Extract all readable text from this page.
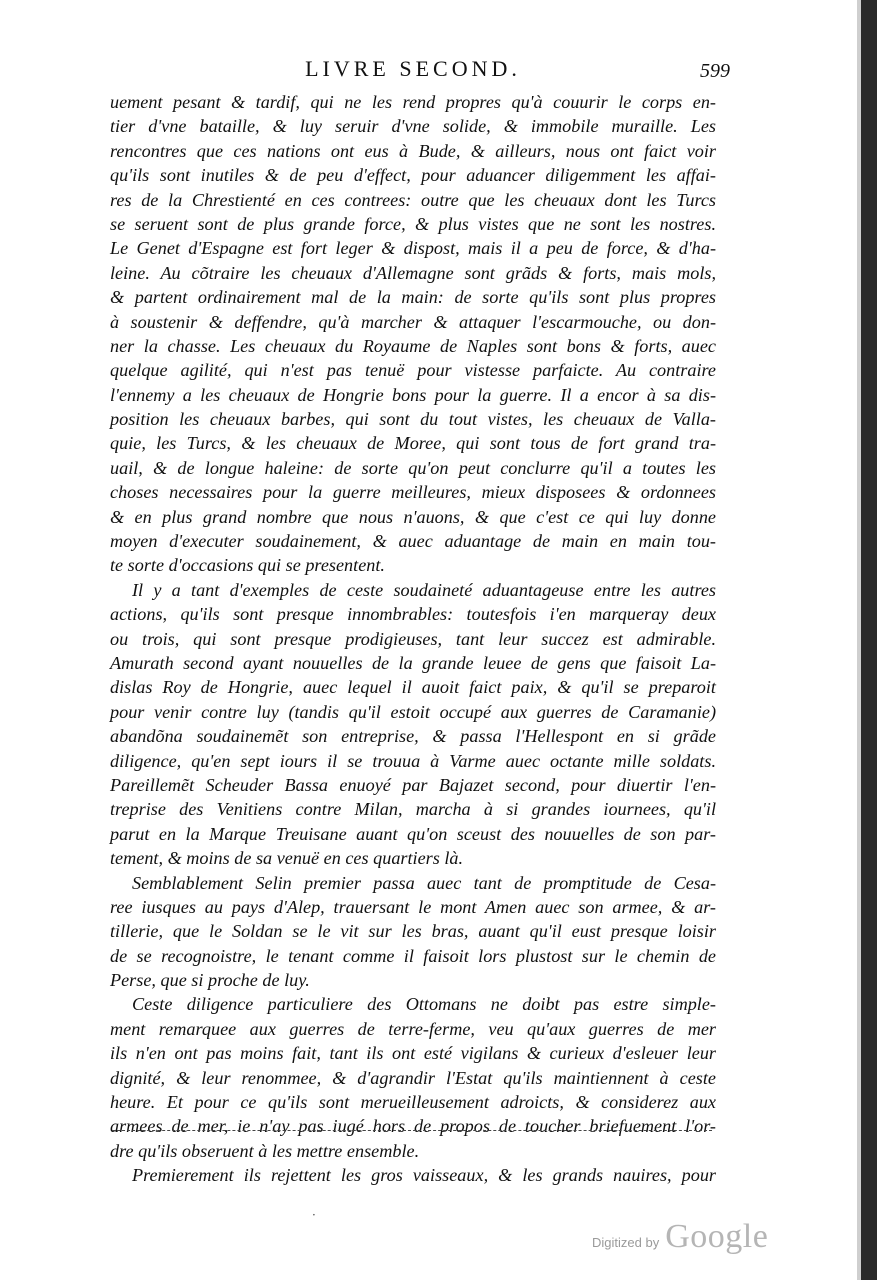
LIVRE SECOND.	599
uement pesant & tardif, qui ne les rend propres qu'à couurir le corps en-
tier d'vne bataille, & luy seruir d'vne solide, & immobile muraille. Les
rencontres que ces nations ont eus à Bude, & ailleurs, nous ont faict voir
qu'ils sont inutiles & de peu d'effect, pour aduancer diligemment les affai-
res de la Chrestienté en ces contrees: outre que les cheuaux dont les Turcs
se seruent sont de plus grande force, & plus vistes que ne sont les nostres.
Le Genet d'Espagne est fort leger & dispost, mais il a peu de force, & d'ha-
leine. Au cõtraire les cheuaux d'Allemagne sont grãds & forts, mais mols,
& partent ordinairement mal de la main: de sorte qu'ils sont plus propres
à soustenir & deffendre, qu'à marcher & attaquer l'escarmouche, ou don-
ner la chasse. Les cheuaux du Royaume de Naples sont bons & forts, auec
quelque agilité, qui n'est pas tenuë pour vistesse parfaicte. Au contraire
l'ennemy a les cheuaux de Hongrie bons pour la guerre. Il a encor à sa dis-
position les cheuaux barbes, qui sont du tout vistes, les cheuaux de Valla-
quie, les Turcs, & les cheuaux de Moree, qui sont tous de fort grand tra-
uail, & de longue haleine: de sorte qu'on peut conclurre qu'il a toutes les
choses necessaires pour la guerre meilleures, mieux disposees & ordonnees
& en plus grand nombre que nous n'auons, & que c'est ce qui luy donne
moyen d'executer soudainement, & auec aduantage de main en main tou-
te sorte d'occasions qui se presentent.
Il y a tant d'exemples de ceste soudaineté aduantageuse entre les autres
actions, qu'ils sont presque innombrables: toutesfois i'en marqueray deux
ou trois, qui sont presque prodigieuses, tant leur succez est admirable.
Amurath second ayant nouuelles de la grande leuee de gens que faisoit La-
dislas Roy de Hongrie, auec lequel il auoit faict paix, & qu'il se preparoit
pour venir contre luy (tandis qu'il estoit occupé aux guerres de Caramanie)
abandõna soudainemẽt son entreprise, & passa l'Hellespont en si grãde
diligence, qu'en sept iours il se trouua à Varme auec octante mille soldats.
Pareillemẽt Scheuder Bassa enuoyé par Bajazet second, pour diuertir l'en-
treprise des Venitiens contre Milan, marcha à si grandes iournees, qu'il
parut en la Marque Treuisane auant qu'on sceust des nouuelles de son par-
tement, & moins de sa venuë en ces quartiers là.
Semblablement Selin premier passa auec tant de promptitude de Cesa-
ree iusques au pays d'Alep, trauersant le mont Amen auec son armee, & ar-
tillerie, que le Soldan se le vit sur les bras, auant qu'il eust presque loisir
de se recognoistre, le tenant comme il faisoit lors plustost sur le chemin de
Perse, que si proche de luy.
Ceste diligence particuliere des Ottomans ne doibt pas estre simple-
ment remarquee aux guerres de terre-ferme, veu qu'aux guerres de mer
ils n'en ont pas moins fait, tant ils ont esté vigilans & curieux d'esleuer leur
dignité, & leur renommee, & d'agrandir l'Estat qu'ils maintiennent à ceste
heure. Et pour ce qu'ils sont merueilleusement adroicts, & considerez aux
armees de mer, ie n'ay pas iugé hors de propos de toucher briefuement l'or-
dre qu'ils obseruent à les mettre ensemble.
Premierement ils rejettent les gros vaisseaux, & les grands nauires, pour
·
Digitized by Google
